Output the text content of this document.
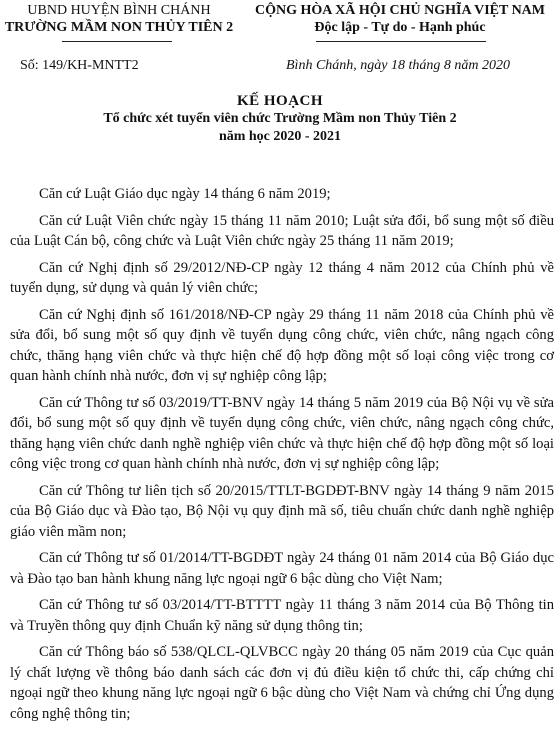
UBND HUYỆN BÌNH CHÁNH
TRƯỜNG MẦM NON THỦY TIÊN 2
CỘNG HÒA XÃ HỘI CHỦ NGHĨA VIỆT NAM
Độc lập - Tự do - Hạnh phúc
Số: 149/KH-MNTT2	Bình Chánh, ngày 18 tháng 8 năm 2020
KẾ HOẠCH
Tổ chức xét tuyển viên chức Trường Mầm non Thủy Tiên 2
năm học 2020 - 2021

Căn cứ Luật Giáo dục ngày 14 tháng 6 năm 2019;

Căn cứ Luật Viên chức ngày 15 tháng 11 năm 2010; Luật sửa đổi, bổ sung một số điều của Luật Cán bộ, công chức và Luật Viên chức ngày 25 tháng 11 năm 2019;

Căn cứ Nghị định số 29/2012/NĐ-CP ngày 12 tháng 4 năm 2012 của Chính phủ về tuyển dụng, sử dụng và quản lý viên chức;

Căn cứ Nghị định số 161/2018/NĐ-CP ngày 29 tháng 11 năm 2018 của Chính phủ về sửa đổi, bổ sung một số quy định về tuyển dụng công chức, viên chức, nâng ngạch công chức, thăng hạng viên chức và thực hiện chế độ hợp đồng một số loại công việc trong cơ quan hành chính nhà nước, đơn vị sự nghiệp công lập;

Căn cứ Thông tư số 03/2019/TT-BNV ngày 14 tháng 5 năm 2019 của Bộ Nội vụ về sửa đổi, bổ sung một số quy định về tuyển dụng công chức, viên chức, nâng ngạch công chức, thăng hạng viên chức danh nghề nghiệp viên chức và thực hiện chế độ hợp đồng một số loại công việc trong cơ quan hành chính nhà nước, đơn vị sự nghiệp công lập;

Căn cứ Thông tư liên tịch số 20/2015/TTLT-BGDĐT-BNV ngày 14 tháng 9 năm 2015 của Bộ Giáo dục và Đào tạo, Bộ Nội vụ quy định mã số, tiêu chuẩn chức danh nghề nghiệp giáo viên mầm non;

Căn cứ Thông tư số 01/2014/TT-BGDĐT ngày 24 tháng 01 năm 2014 của Bộ Giáo dục và Đào tạo ban hành khung năng lực ngoại ngữ 6 bậc dùng cho Việt Nam;

Căn cứ Thông tư số 03/2014/TT-BTTTT ngày 11 tháng 3 năm 2014 của Bộ Thông tin và Truyền thông quy định Chuẩn kỹ năng sử dụng thông tin;

Căn cứ Thông báo số 538/QLCL-QLVBCC ngày 20 tháng 05 năm 2019 của Cục quản lý chất lượng về thông báo danh sách các đơn vị đủ điều kiện tổ chức thi, cấp chứng chỉ ngoại ngữ theo khung năng lực ngoại ngữ 6 bậc dùng cho Việt Nam và chứng chỉ Ứng dụng công nghệ thông tin;
